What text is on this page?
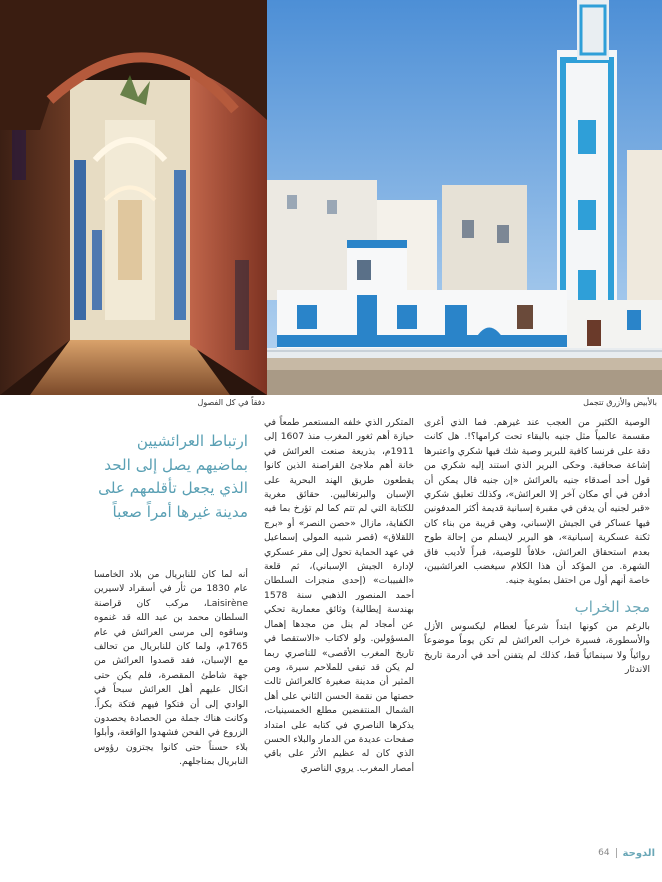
دفقاً في كل الفصول	بالأبيض والأزرق تتجمل

الوصية الكثير من العجب عند غيرهم. فما الذي أغرى مقسمة عالمياً مثل جنيه بالبقاء تحت كرامها؟!. هل كانت دقة على فرنسا كافية للبرير وصية شك فيها شكري واعتبرها إشاعة صحافية. وحكى البرير الذي استند إليه شكري من قول أحد أصدقاء جنيه بالعرائش «إن جنيه قال يمكن أن أدفن في أي مكان آخر إلا العرائش»، وكذلك تعليق شكري «قبر لجنيه أن يدفن في مقبرة إسبانية قديمة أكثر المدفونين فيها عساكر في الجيش الإسباني، وهي قريبة من بناء كان ثكنة عسكرية إسبانية»، هو البرير لايسلم من إحالة طوح بعدم استحقاق العرائش، خلافاً للوصية، قبراً لأديب فاق الشهرة. من المؤكد أن هذا الكلام سيغضب العرائشيين، خاصة أنهم أول من احتفل بمئوية جنيه.

مجد الخراب

بالرغم من كونها ابتداً شرعياً لعطام ليكسوس الأزل والأسطورة، فسيرة خراب العرائش لم تكن يوماً موضوعاً روائياً ولا سينمائياً قط، كذلك لم يتفنن أحد في أدرمة تاريخ الاندثار

المتكرر الذي خلفه المستعمر طمعاً في حيازة أهم ثغور المغرب منذ 1607 إلى 1911م، بذريعة صنعت العرائش في خانة أهم ملاجئ القراصنة الذين كانوا يقطعون طريق الهند البحرية على الإسبان والبرتغاليين. حقائق مغرية للكتابة التي لم تتم كما لم تؤرخ بما فيه الكفاية، مازال «حصن النصر» أو «برج اللقلاق» (قصر شبيه المولى إسماعيل في عهد الحماية تحول إلى مقر عسكري لإدارة الجيش الإسباني)، ثم قلعة «الفبيبات» (إحدى منجزات السلطان أحمد المنصور الذهبي سنة 1578 بهندسة إيطالية) وثائق معمارية تحكي عن أمجاد لم ينل من مجدها إهمال المسؤولين. ولو لاكتاب «الاستقصا في تاريخ المغرب الأقصى» للناصري ربما لم يكن قد تبقى للملاحم سيرة، ومن المثير أن مدينة صغيرة كالعرائش ثالت حصتها من نقمة الحسن الثاني على أهل الشمال المنتفضين مطلع الخمسينيات، يذكرها الناصري في كتابه على امتداد صفحات عديدة من الدمار والبلاء الحسن الذي كان له عظيم الأثر على باقي أمصار المغرب. يروي الناصري

ارتباط العرائشيين بماضيهم يصل إلى الحد الذي يجعل تأقلمهم على مدينة غيرها أمراً صعباً

أنه لما كان للنابريال من بلاد الخامسا عام 1830 من ثأر في أسقراد لاسيرين Laisirène، مركب كان قراصنة السلطان محمد بن عبد الله قد غنموه وساقوه إلى مرسى العرائش في عام 1765م، ولما كان للنابريال من تحالف مع الإسبان، فقد قصدوا العرائش من جهة شاطئ المقصرة، فلم يكن حتى انكال عليهم أهل العرائش سبحاً في الوادي إلى أن فتكوا فيهم فتكة بكراً. وكانت هناك جملة من الحصادة يحصدون الزروع في الفحن فشهدوا الواقعة، وأبلوا بلاء حسناً حتى كانوا يجتزون رؤوس النابريال بمناجلهم.

الدوحة
64
